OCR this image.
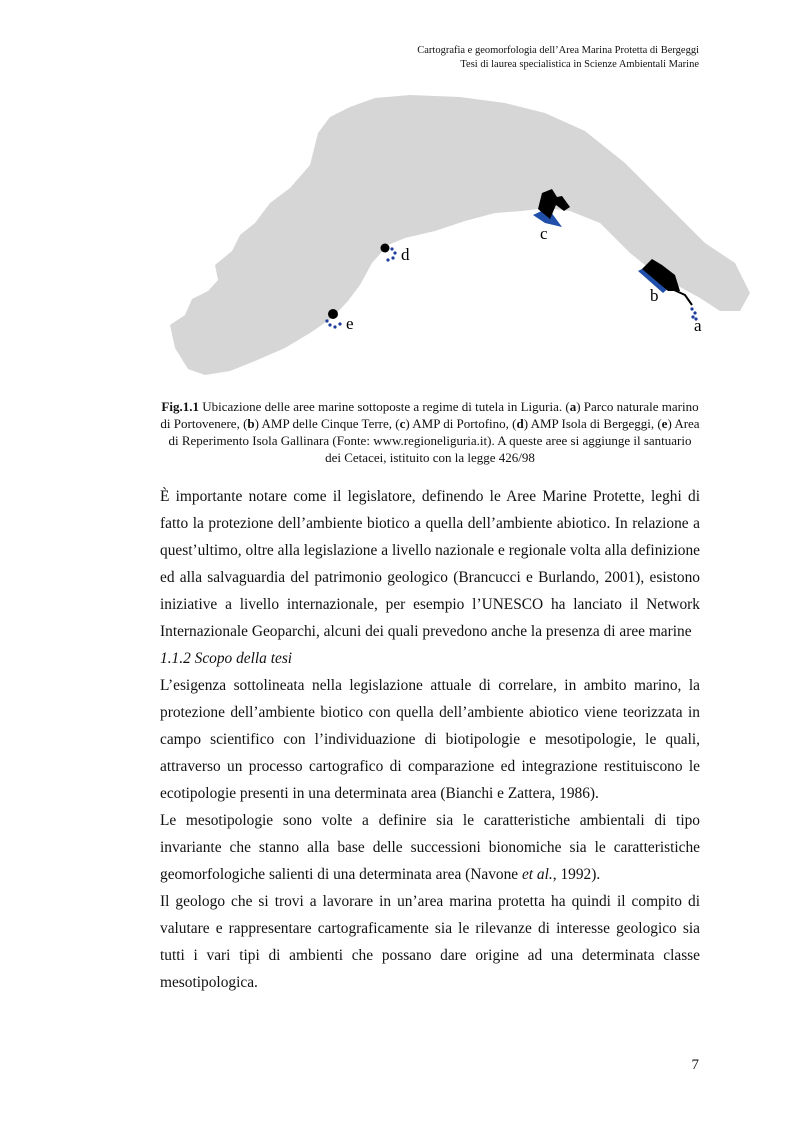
Cartografia e geomorfologia dell’Area Marina Protetta di Bergeggi
Tesi di laurea specialistica in Scienze Ambientali Marine
a
b
c
d
e
Fig.1.1 Ubicazione delle aree marine sottoposte a regime di tutela in Liguria. (a) Parco naturale marino di Portovenere, (b) AMP delle Cinque Terre, (c) AMP di Portofino, (d) AMP Isola di Bergeggi, (e) Area di Reperimento Isola Gallinara (Fonte: www.regioneliguria.it). A queste aree si aggiunge il santuario dei Cetacei, istituito con la legge 426/98

È importante notare come il legislatore, definendo le Aree Marine Protette, leghi di fatto la protezione dell’ambiente biotico a quella dell’ambiente abiotico. In relazione a quest’ultimo, oltre alla legislazione a livello nazionale e regionale volta alla definizione ed alla salvaguardia del patrimonio geologico (Brancucci e Burlando, 2001), esistono iniziative a livello internazionale, per esempio l’UNESCO ha lanciato il Network Internazionale Geoparchi, alcuni dei quali prevedono anche la presenza di aree marine

1.1.2 Scopo della tesi

L’esigenza sottolineata nella legislazione attuale di correlare, in ambito marino, la protezione dell’ambiente biotico con quella dell’ambiente abiotico viene teorizzata in campo scientifico con l’individuazione di biotipologie e mesotipologie, le quali, attraverso un processo cartografico di comparazione ed integrazione restituiscono le ecotipologie presenti in una determinata area (Bianchi e Zattera, 1986).

Le mesotipologie sono volte a definire sia le caratteristiche ambientali di tipo invariante che stanno alla base delle successioni bionomiche sia le caratteristiche geomorfologiche salienti di una determinata area (Navone et al., 1992).

Il geologo che si trovi a lavorare in un’area marina protetta ha quindi il compito di valutare e rappresentare cartograficamente sia le rilevanze di interesse geologico sia tutti i vari tipi di ambienti che possano dare origine ad una determinata classe mesotipologica.

7
